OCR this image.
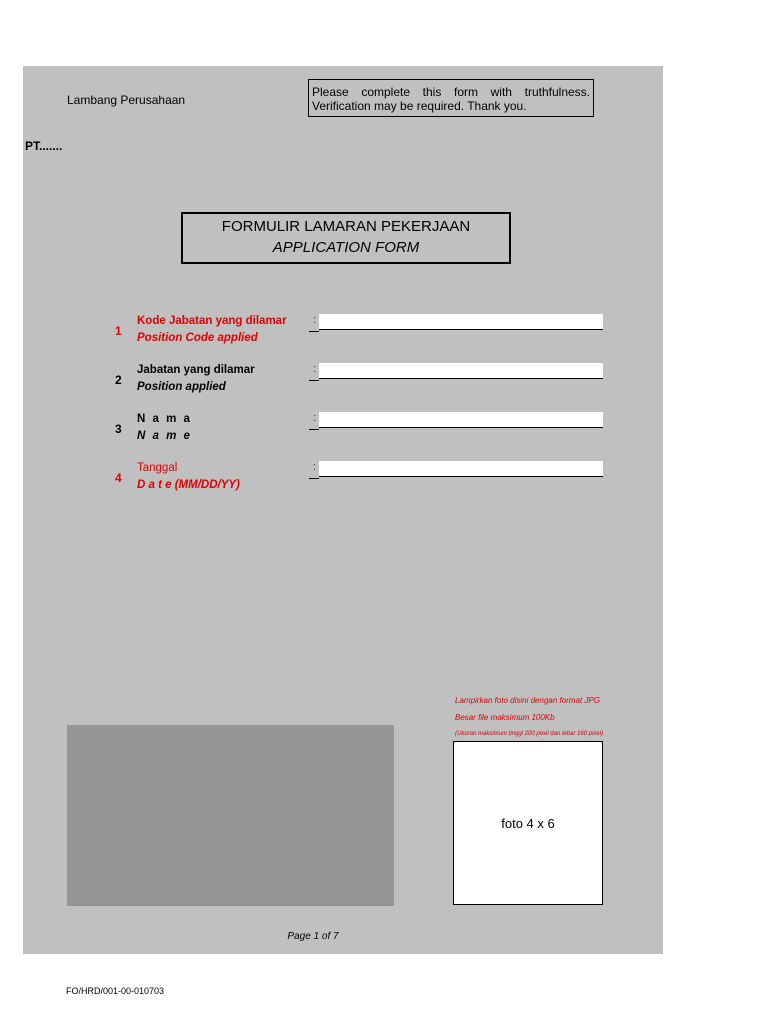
Lambang Perusahaan
Please complete this form with truthfulness.
Verification may be required. Thank you.
PT.......
FORMULIR LAMARAN PEKERJAAN
APPLICATION FORM
1
Kode Jabatan yang dilamar
Position Code applied
:
2
Jabatan yang dilamar
Position applied
:
3
N a m a
N a m e
:
4
Tanggal
D a t e (MM/DD/YY)
:
Lampirkan foto disini dengan format JPG
Besar file maksimum 100Kb
(Ukuran maksimum tinggi 200 pixel dan lebar 160 pixel)
foto 4 x 6
Page 1 of 7
FO/HRD/001-00-010703
